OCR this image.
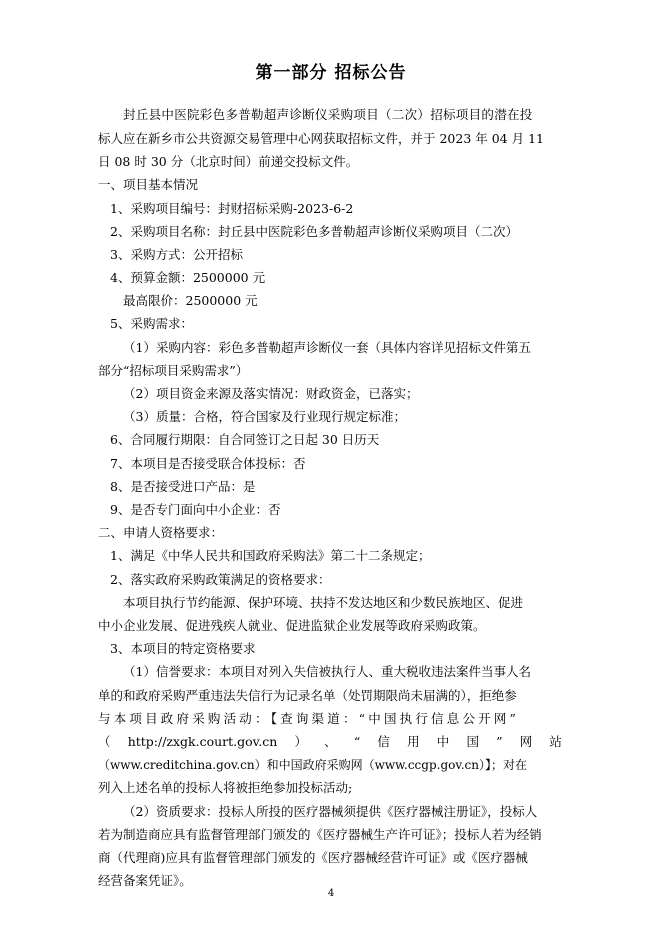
第一部分 招标公告
封丘县中医院彩色多普勒超声诊断仪采购项目（二次）招标项目的潜在投
标人应在新乡市公共资源交易管理中心网获取招标文件，并于 2023 年 04 月 11
日 08 时 30 分（北京时间）前递交投标文件。
一、项目基本情况
1、采购项目编号：封财招标采购-2023-6-2
2、采购项目名称：封丘县中医院彩色多普勒超声诊断仪采购项目（二次）
3、采购方式：公开招标
4、预算金额：2500000 元
最高限价：2500000 元
5、采购需求：
（1）采购内容：彩色多普勒超声诊断仪一套（具体内容详见招标文件第五
部分“招标项目采购需求”）
（2）项目资金来源及落实情况：财政资金，已落实；
（3）质量：合格，符合国家及行业现行规定标准；
6、合同履行期限：自合同签订之日起 30 日历天
7、本项目是否接受联合体投标：否
8、是否接受进口产品：是
9、是否专门面向中小企业：否
二、申请人资格要求：
1、满足《中华人民共和国政府采购法》第二十二条规定；
2、落实政府采购政策满足的资格要求：
本项目执行节约能源、保护环境、扶持不发达地区和少数民族地区、促进
中小企业发展、促进残疾人就业、促进监狱企业发展等政府采购政策。
3、本项目的特定资格要求
（1）信誉要求：本项目对列入失信被执行人、重大税收违法案件当事人名
单的和政府采购严重违法失信行为记录名单（处罚期限尚未届满的），拒绝参
与本项目政府采购活动：【查询渠道：“中国执行信息公开网”
（ http://zxgk.court.gov.cn ） 、 “ 信 用 中 国 ” 网 站
（www.creditchina.gov.cn）和中国政府采购网（www.ccgp.gov.cn）】；对在
列入上述名单的投标人将被拒绝参加投标活动;
（2）资质要求：投标人所投的医疗器械须提供《医疗器械注册证》，投标人
若为制造商应具有监督管理部门颁发的《医疗器械生产许可证》；投标人若为经销
商（代理商)应具有监督管理部门颁发的《医疗器械经营许可证》或《医疗器械
经营备案凭证》。
4
